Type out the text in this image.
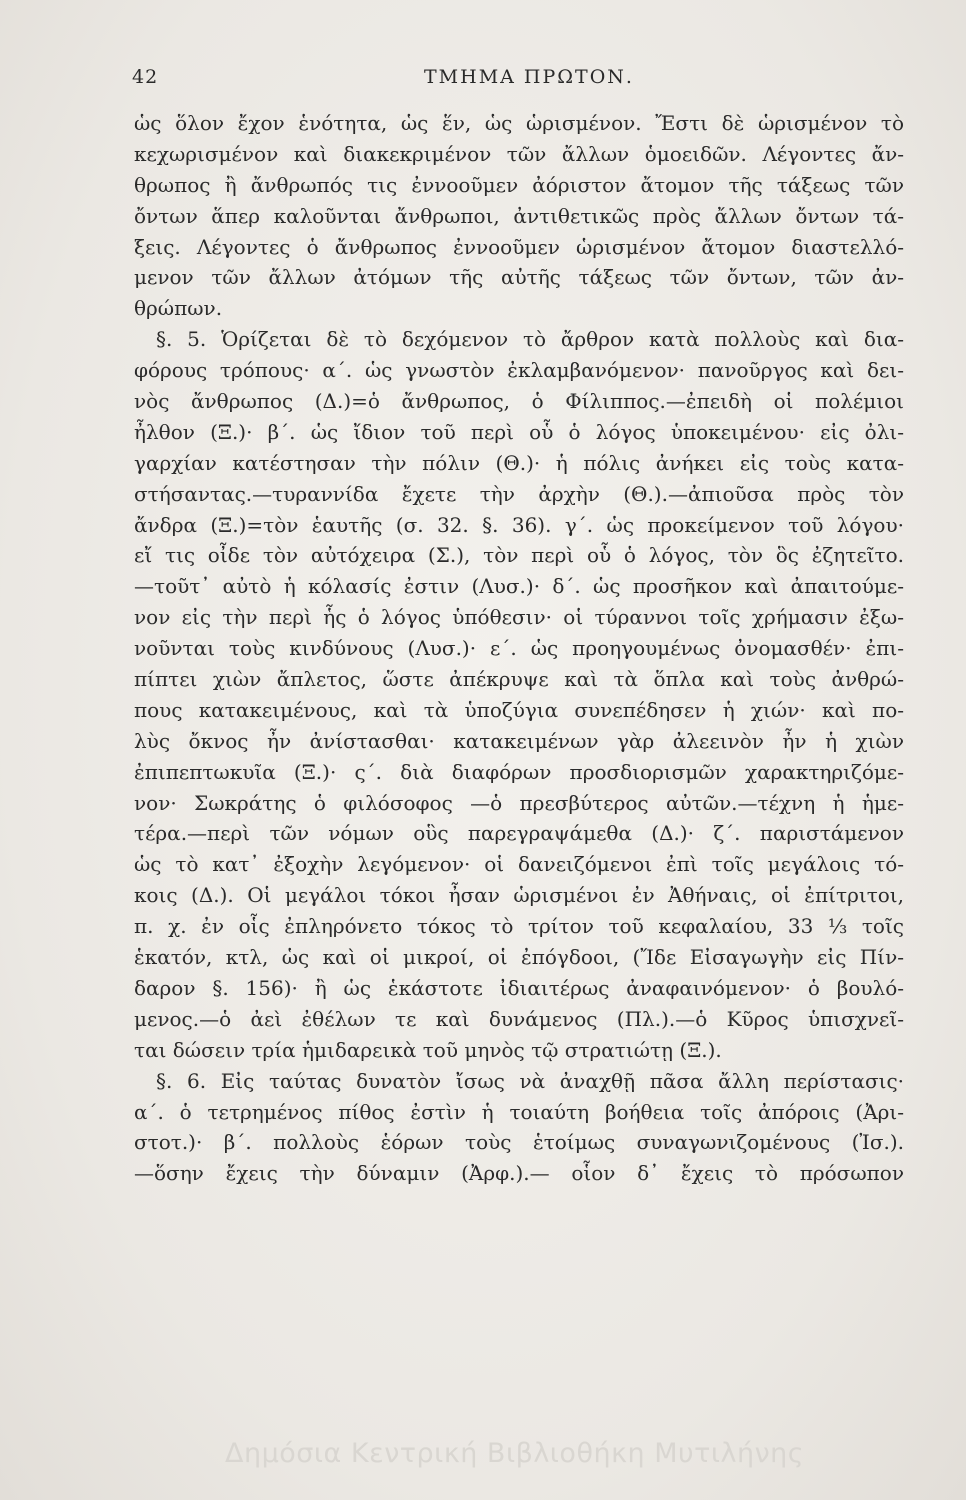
42	ΤΜΗΜΑ ΠΡΩΤΟΝ.
ὡς ὅλον ἔχον ἑνότητα, ὡς ἕν, ὡς ὡρισμένον. Ἔστι δὲ ὡρισμένον τὸ
κεχωρισμένον καὶ διακεκριμένον τῶν ἄλλων ὁμοειδῶν. Λέγοντες ἄν-
θρωπος ἢ ἄνθρωπός τις ἐννοοῦμεν ἀόριστον ἄτομον τῆς τάξεως τῶν
ὄντων ἅπερ καλοῦνται ἄνθρωποι, ἀντιθετικῶς πρὸς ἄλλων ὄντων τά-
ξεις. Λέγοντες ὁ ἄνθρωπος ἐννοοῦμεν ὡρισμένον ἄτομον διαστελλό-
μενον τῶν ἄλλων ἀτόμων τῆς αὐτῆς τάξεως τῶν ὄντων, τῶν ἀν-
θρώπων.
§. 5. Ὁρίζεται δὲ τὸ δεχόμενον τὸ ἄρθρον κατὰ πολλοὺς καὶ δια-
φόρους τρόπους· α΄. ὡς γνωστὸν ἐκλαμβανόμενον· πανοῦργος καὶ δει-
νὸς ἄνθρωπος (Δ.)=ὁ ἄνθρωπος, ὁ Φίλιππος.—ἐπειδὴ οἱ πολέμιοι
ἦλθον (Ξ.)· β΄. ὡς ἴδιον τοῦ περὶ οὗ ὁ λόγος ὑποκειμένου· εἰς ὀλι-
γαρχίαν κατέστησαν τὴν πόλιν (Θ.)· ἡ πόλις ἀνήκει εἰς τοὺς κατα-
στήσαντας.—τυραννίδα ἔχετε τὴν ἀρχὴν (Θ.).—ἀπιοῦσα πρὸς τὸν
ἄνδρα (Ξ.)=τὸν ἑαυτῆς (σ. 32. §. 36). γ΄. ὡς προκείμενον τοῦ λόγου·
εἴ τις οἶδε τὸν αὐτόχειρα (Σ.), τὸν περὶ οὗ ὁ λόγος, τὸν ὃς ἐζητεῖτο.
—τοῦτ᾽ αὐτὸ ἡ κόλασίς ἐστιν (Λυσ.)· δ΄. ὡς προσῆκον καὶ ἀπαιτούμε-
νον εἰς τὴν περὶ ἧς ὁ λόγος ὑπόθεσιν· οἱ τύραννοι τοῖς χρήμασιν ἐξω-
νοῦνται τοὺς κινδύνους (Λυσ.)· ε΄. ὡς προηγουμένως ὀνομασθέν· ἐπι-
πίπτει χιὼν ἄπλετος, ὥστε ἀπέκρυψε καὶ τὰ ὅπλα καὶ τοὺς ἀνθρώ-
πους κατακειμένους, καὶ τὰ ὑποζύγια συνεπέδησεν ἡ χιών· καὶ πο-
λὺς ὄκνος ἦν ἀνίστασθαι· κατακειμένων γὰρ ἀλεεινὸν ἦν ἡ χιὼν
ἐπιπεπτωκυῖα (Ξ.)· ς΄. διὰ διαφόρων προσδιορισμῶν χαρακτηριζόμε-
νον· Σωκράτης ὁ φιλόσοφος —ὁ πρεσβύτερος αὐτῶν.—τέχνη ἡ ἡμε-
τέρα.—περὶ τῶν νόμων οὓς παρεγραψάμεθα (Δ.)· ζ΄. παριστάμενον
ὡς τὸ κατ᾽ ἐξοχὴν λεγόμενον· οἱ δανειζόμενοι ἐπὶ τοῖς μεγάλοις τό-
κοις (Δ.). Οἱ μεγάλοι τόκοι ἦσαν ὡρισμένοι ἐν Ἀθήναις, οἱ ἐπίτριτοι,
π. χ. ἐν οἷς ἐπληρόνετο τόκος τὸ τρίτον τοῦ κεφαλαίου, 33 ⅓ τοῖς
ἑκατόν, κτλ, ὡς καὶ οἱ μικροί, οἱ ἐπόγδοοι, (Ἴδε Εἰσαγωγὴν εἰς Πίν-
δαρον §. 156)· ἢ ὡς ἑκάστοτε ἰδιαιτέρως ἀναφαινόμενον· ὁ βουλό-
μενος.—ὁ ἀεὶ ἐθέλων τε καὶ δυνάμενος (Πλ.).—ὁ Κῦρος ὑπισχνεῖ-
ται δώσειν τρία ἡμιδαρεικὰ τοῦ μηνὸς τῷ στρατιώτῃ (Ξ.).
§. 6. Εἰς ταύτας δυνατὸν ἴσως νὰ ἀναχθῇ πᾶσα ἄλλη περίστασις·
α΄. ὁ τετρημένος πίθος ἐστὶν ἡ τοιαύτη βοήθεια τοῖς ἀπόροις (Ἀρι-
στοτ.)· β΄. πολλοὺς ἑόρων τοὺς ἑτοίμως συναγωνιζομένους (Ἰσ.).
—ὅσην ἔχεις τὴν δύναμιν (Ἀρφ.).— οἷον δ᾽ ἔχεις τὸ πρόσωπον
Δημόσια Κεντρική Βιβλιοθήκη Μυτιλήνης
